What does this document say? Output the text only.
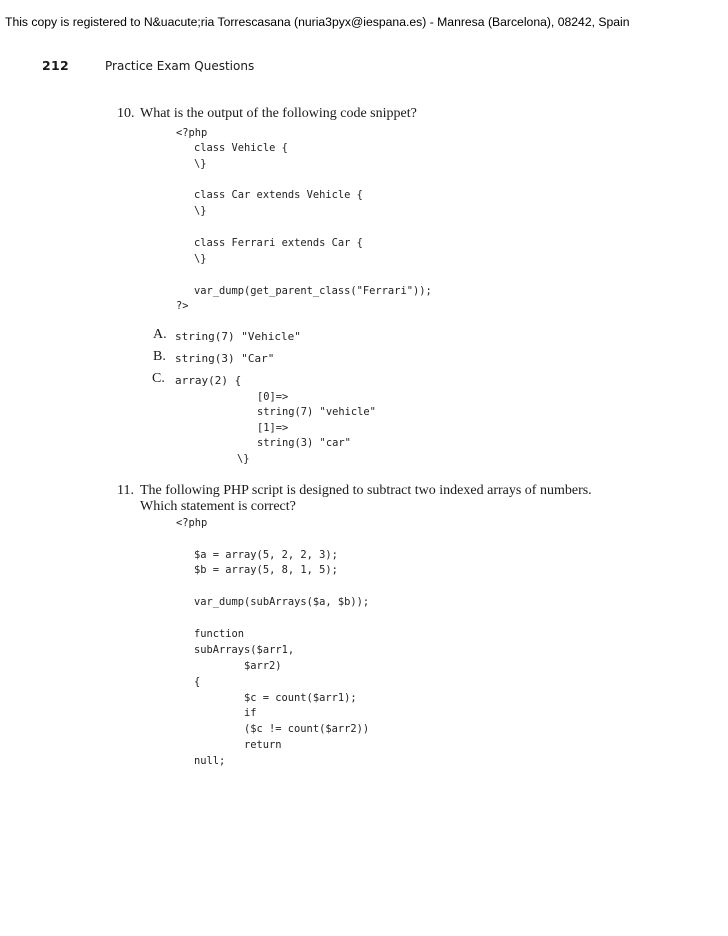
This copy is registered to N&uacute;ria Torrescasana (nuria3pyx@iespana.es) - Manresa (Barcelona), 08242, Spain
212	Practice Exam Questions
10. What is the output of the following code snippet?
<?php
class Vehicle {
\}
class Car extends Vehicle {
\}
class Ferrari extends Car {
\}
var_dump(get_parent_class("Ferrari"));
?>
A. string(7) "Vehicle"
B. string(3) "Car"
C. array(2) {
[0]=>
string(7) "vehicle"
[1]=>
string(3) "car"
\}
11. The following PHP script is designed to subtract two indexed arrays of numbers.
Which statement is correct?
<?php
$a = array(5, 2, 2, 3);
$b = array(5, 8, 1, 5);
var_dump(subArrays($a, $b));
function
subArrays($arr1,
$arr2)
{
$c = count($arr1);
if
($c != count($arr2))
return
null;
